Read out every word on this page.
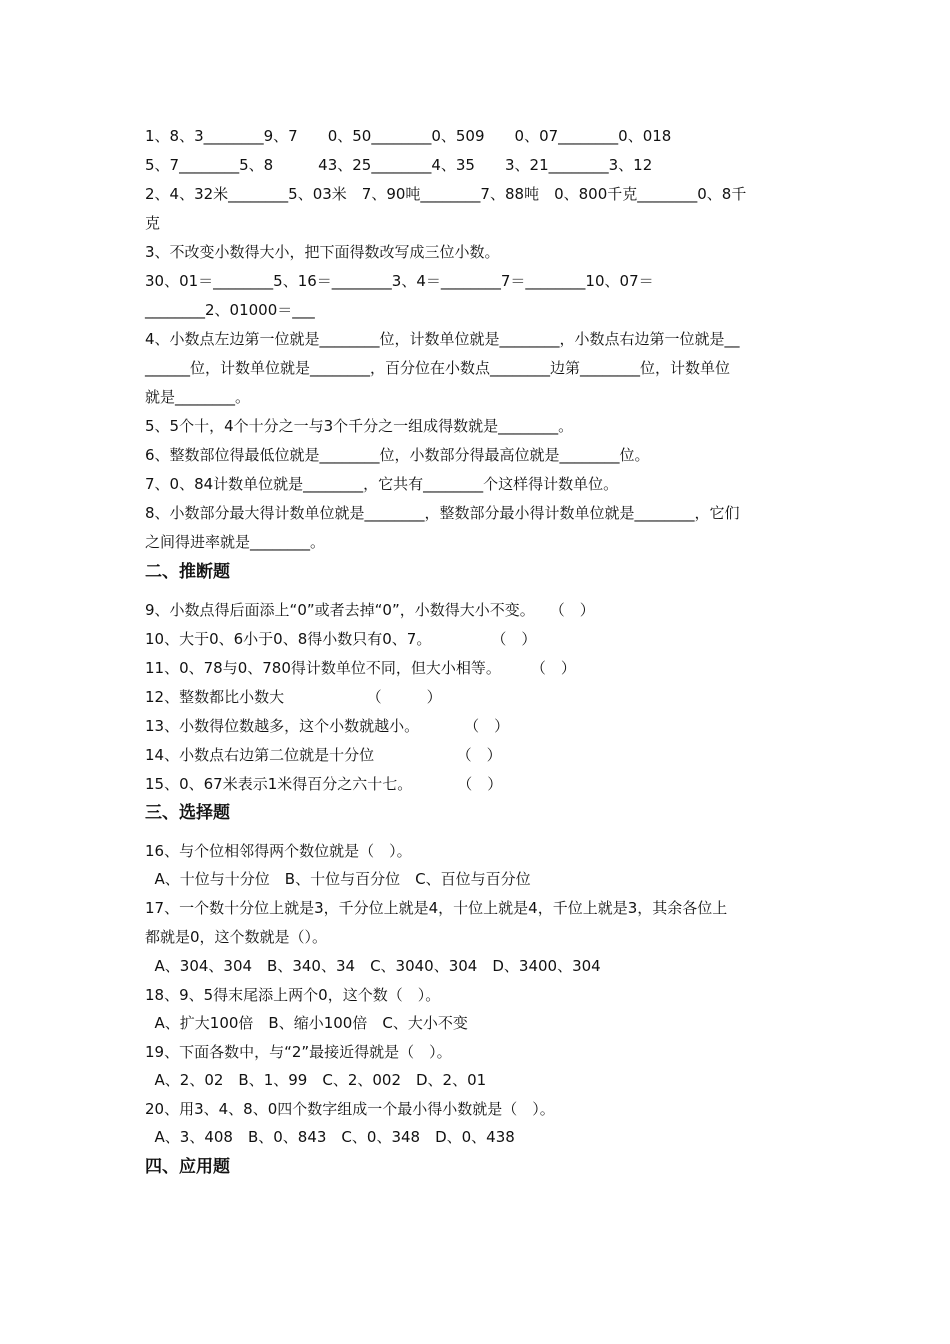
1、8、3________9、7　　0、50________0、509　　0、07________0、018
5、7________5、8　　　43、25________4、35　　3、21________3、12
2、4、32米________5、03米　7、90吨________7、88吨　0、800千克________0、8千
克
3、不改变小数得大小，把下面得数改写成三位小数。
30、01＝________5、16＝________3、4＝________7＝________10、07＝
________2、01000＝___
4、小数点左边第一位就是________位，计数单位就是________，小数点右边第一位就是__
______位，计数单位就是________，百分位在小数点________边第________位，计数单位
就是________。
5、5个十，4个十分之一与3个千分之一组成得数就是________。
6、整数部位得最低位就是________位，小数部分得最高位就是________位。
7、0、84计数单位就是________，它共有________个这样得计数单位。
8、小数部分最大得计数单位就是________，整数部分最小得计数单位就是________，它们
之间得进率就是________。
二、推断题
9、小数点得后面添上“0”或者去掉“0”，小数得大小不变。　　（　）
10、大于0、6小于0、8得小数只有0、7。　　　　　（　）
11、0、78与0、780得计数单位不同，但大小相等。　　　（　）
12、整数都比小数大　　　　　　（　　　）
13、小数得位数越多，这个小数就越小。　　　　（　）
14、小数点右边第二位就是十分位　　　　　　（　）
15、0、67米表示1米得百分之六十七。　　　　（　）
三、选择题
16、与个位相邻得两个数位就是（　）。
A、十位与十分位　B、十位与百分位　C、百位与百分位
17、一个数十分位上就是3，千分位上就是4，十位上就是4，千位上就是3，其余各位上
都就是0，这个数就是（）。
A、304、304　B、340、34　C、3040、304　D、3400、304
18、9、5得末尾添上两个0，这个数（　）。
A、扩大100倍　B、缩小100倍　C、大小不变
19、下面各数中，与“2”最接近得就是（　）。
A、2、02　B、1、99　C、2、002　D、2、01
20、用3、4、8、0四个数字组成一个最小得小数就是（　）。
A、3、408　B、0、843　C、0、348　D、0、438
四、应用题
